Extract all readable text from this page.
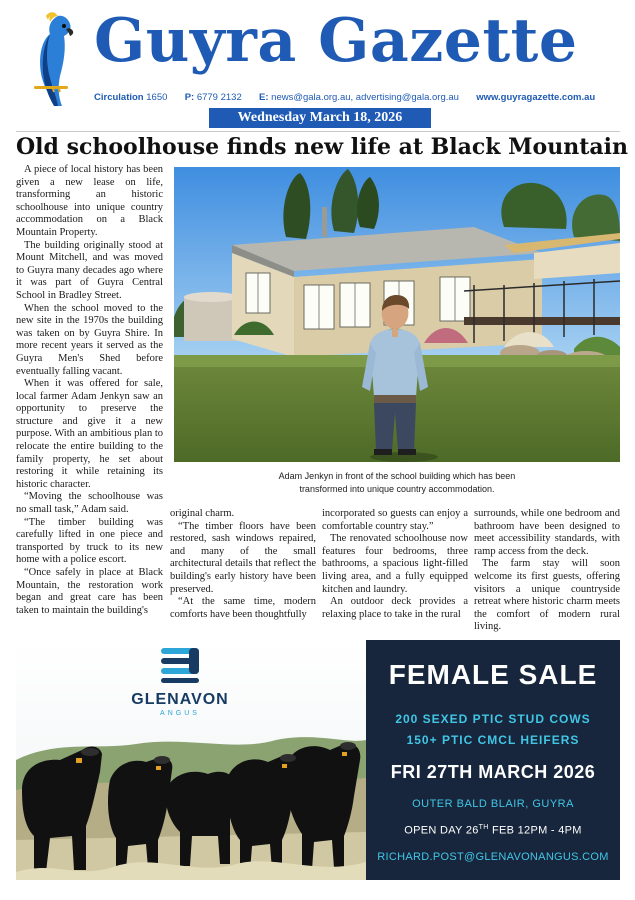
Guyra Gazette
Circulation 1650 P: 6779 2132 E: news@gala.org.au, advertising@gala.org.au www.guyragazette.com.au
Wednesday March 18, 2026
Old schoolhouse finds new life at Black Mountain

A piece of local history has been given a new lease on life, transforming an historic schoolhouse into unique country accommodation on a Black Mountain Property.

The building originally stood at Mount Mitchell, and was moved to Guyra many decades ago where it was part of Guyra Central School in Bradley Street.

When the school moved to the new site in the 1970s the building was taken on by Guyra Shire. In more recent years it served as the Guyra Men's Shed before eventually falling vacant.

When it was offered for sale, local farmer Adam Jenkyn saw an opportunity to preserve the structure and give it a new purpose. With an ambitious plan to relocate the entire building to the family property, he set about restoring it while retaining its historic character.

“Moving the schoolhouse was no small task,” Adam said.

“The timber building was carefully lifted in one piece and transported by truck to its new home with a police escort.

“Once safely in place at Black Mountain, the restoration work began and great care has been taken to maintain the building's

Adam Jenkyn in front of the school building which has been
transformed into unique country accommodation.

original charm.

“The timber floors have been restored, sash windows repaired, and many of the small architectural details that reflect the building's early history have been preserved.

“At the same time, modern comforts have been thoughtfully

incorporated so guests can enjoy a comfortable country stay.”

The renovated schoolhouse now features four bedrooms, three bathrooms, a spacious light-filled living area, and a fully equipped kitchen and laundry.

An outdoor deck provides a relaxing place to take in the rural

surrounds, while one bedroom and bathroom have been designed to meet accessibility standards, with ramp access from the deck.

The farm stay will soon welcome its first guests, offering visitors a unique countryside retreat where historic charm meets the comfort of modern rural living.

GLENAVON
ANGUS
FEMALE SALE
200 SEXED PTIC STUD COWS
150+ PTIC CMCL HEIFERS
FRI 27TH MARCH 2026
OUTER BALD BLAIR, GUYRA
OPEN DAY 26TH FEB 12PM - 4PM
RICHARD.POST@GLENAVONANGUS.COM
